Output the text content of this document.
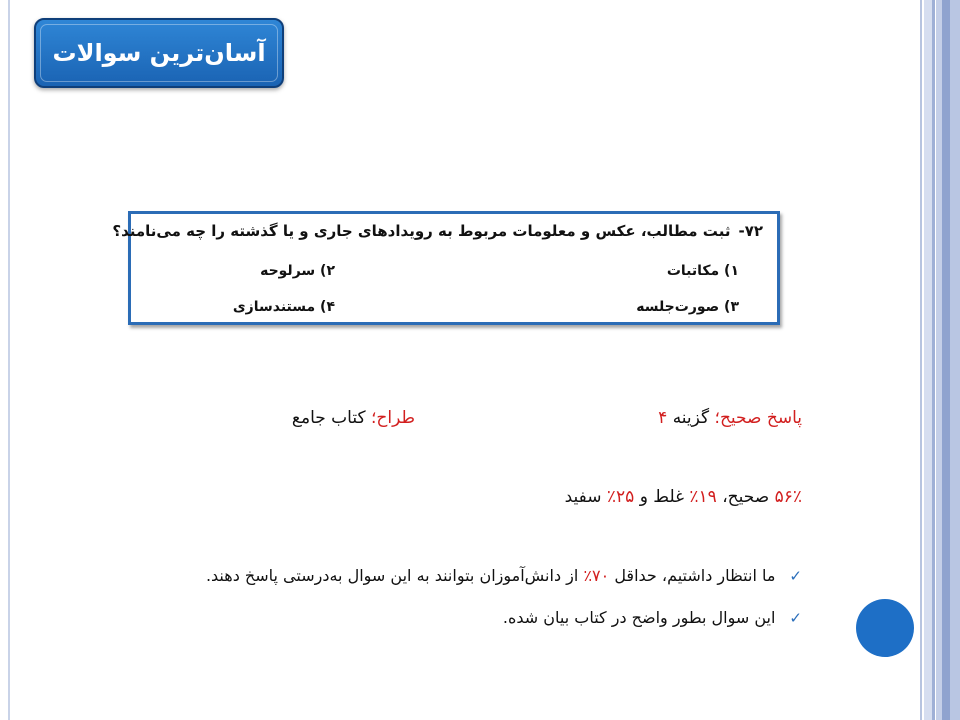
آسان‌ترین سوالات
۷۲-ثبت مطالب، عکس و معلومات مربوط به رویدادهای جاری و یا گذشته را چه می‌نامند؟
۱) مکاتبات
۲) سرلوحه
۳) صورت‌جلسه
۴) مستندسازی
پاسخ صحیح؛ گزینه ۴
طراح؛ کتاب جامع
۵۶٪ صحیح، ۱۹٪ غلط و ۲۵٪ سفید
✓
ما انتظار داشتیم، حداقل ۷۰٪ از دانش‌آموزان بتوانند به این سوال به‌درستی پاسخ دهند.
✓
این سوال بطور واضح در کتاب بیان شده.
